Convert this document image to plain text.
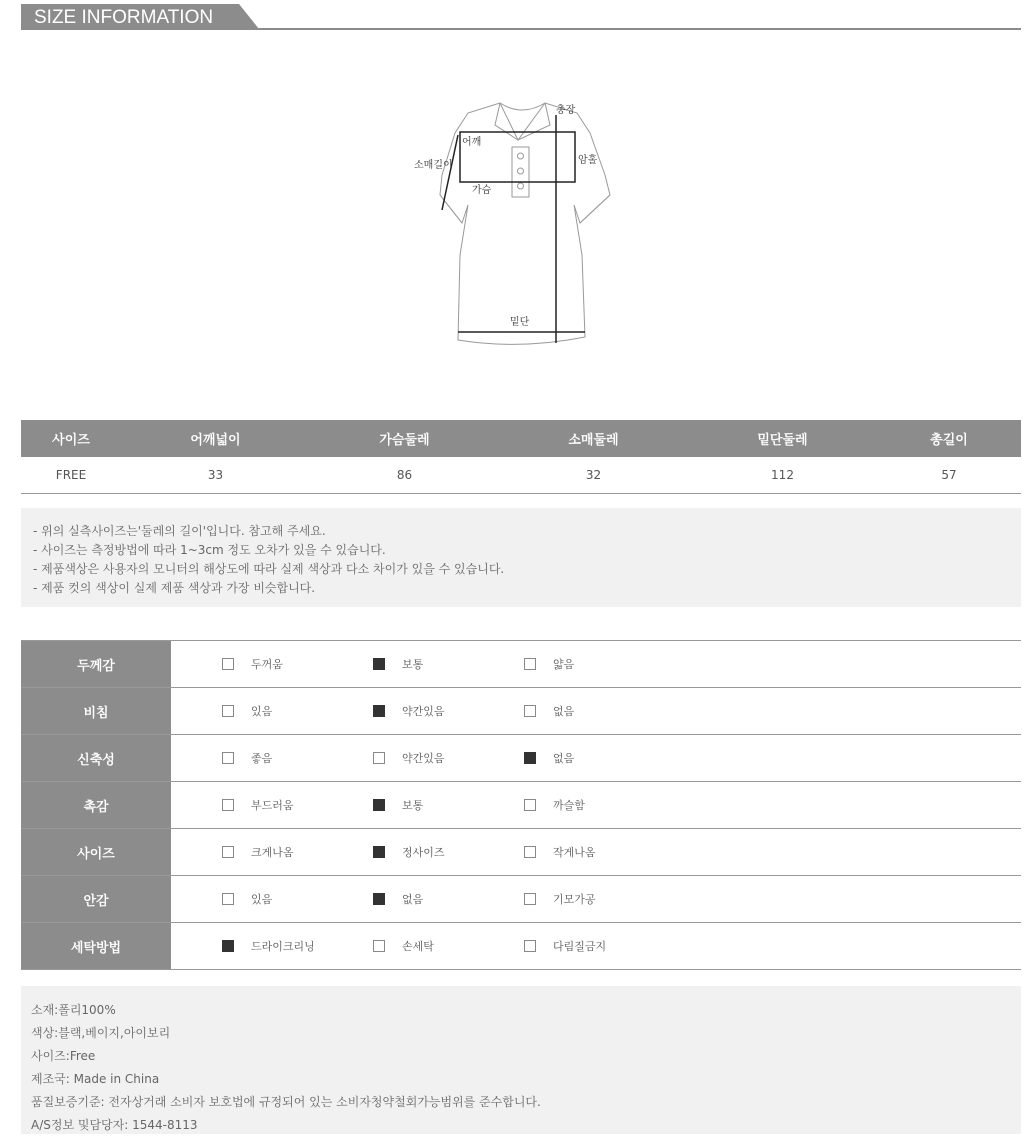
SIZE INFORMATION
총장
어깨
소매길이	암홀
가슴
밑단
사이즈	어깨넓이	가슴둘레	소매둘레	밑단둘레	총길이
FREE	33	86	32	112	57
- 위의 실측사이즈는'둘레의 길이'입니다. 참고해 주세요.
- 사이즈는 측정방법에 따라 1~3cm 정도 오차가 있을 수 있습니다.
- 제품색상은 사용자의 모니터의 해상도에 따라 실제 색상과 다소 차이가 있을 수 있습니다.
- 제품 컷의 색상이 실제 제품 색상과 가장 비슷합니다.
두께감	두꺼움	보통	얇음
비침	있음	약간있음	없음
신축성	좋음	약간있음	없음
촉감	부드러움	보통	까슬함
사이즈	크게나옴	정사이즈	작게나옴
안감	있음	없음	기모가공
세탁방법	드라이크리닝	손세탁	다림질금지
소재:폴리100%
색상:블랙,베이지,아이보리
사이즈:Free
제조국: Made in China
품질보증기준: 전자상거래 소비자 보호법에 규정되어 있는 소비자청약철회가능범위를 준수합니다.
A/S정보 및담당자: 1544-8113
